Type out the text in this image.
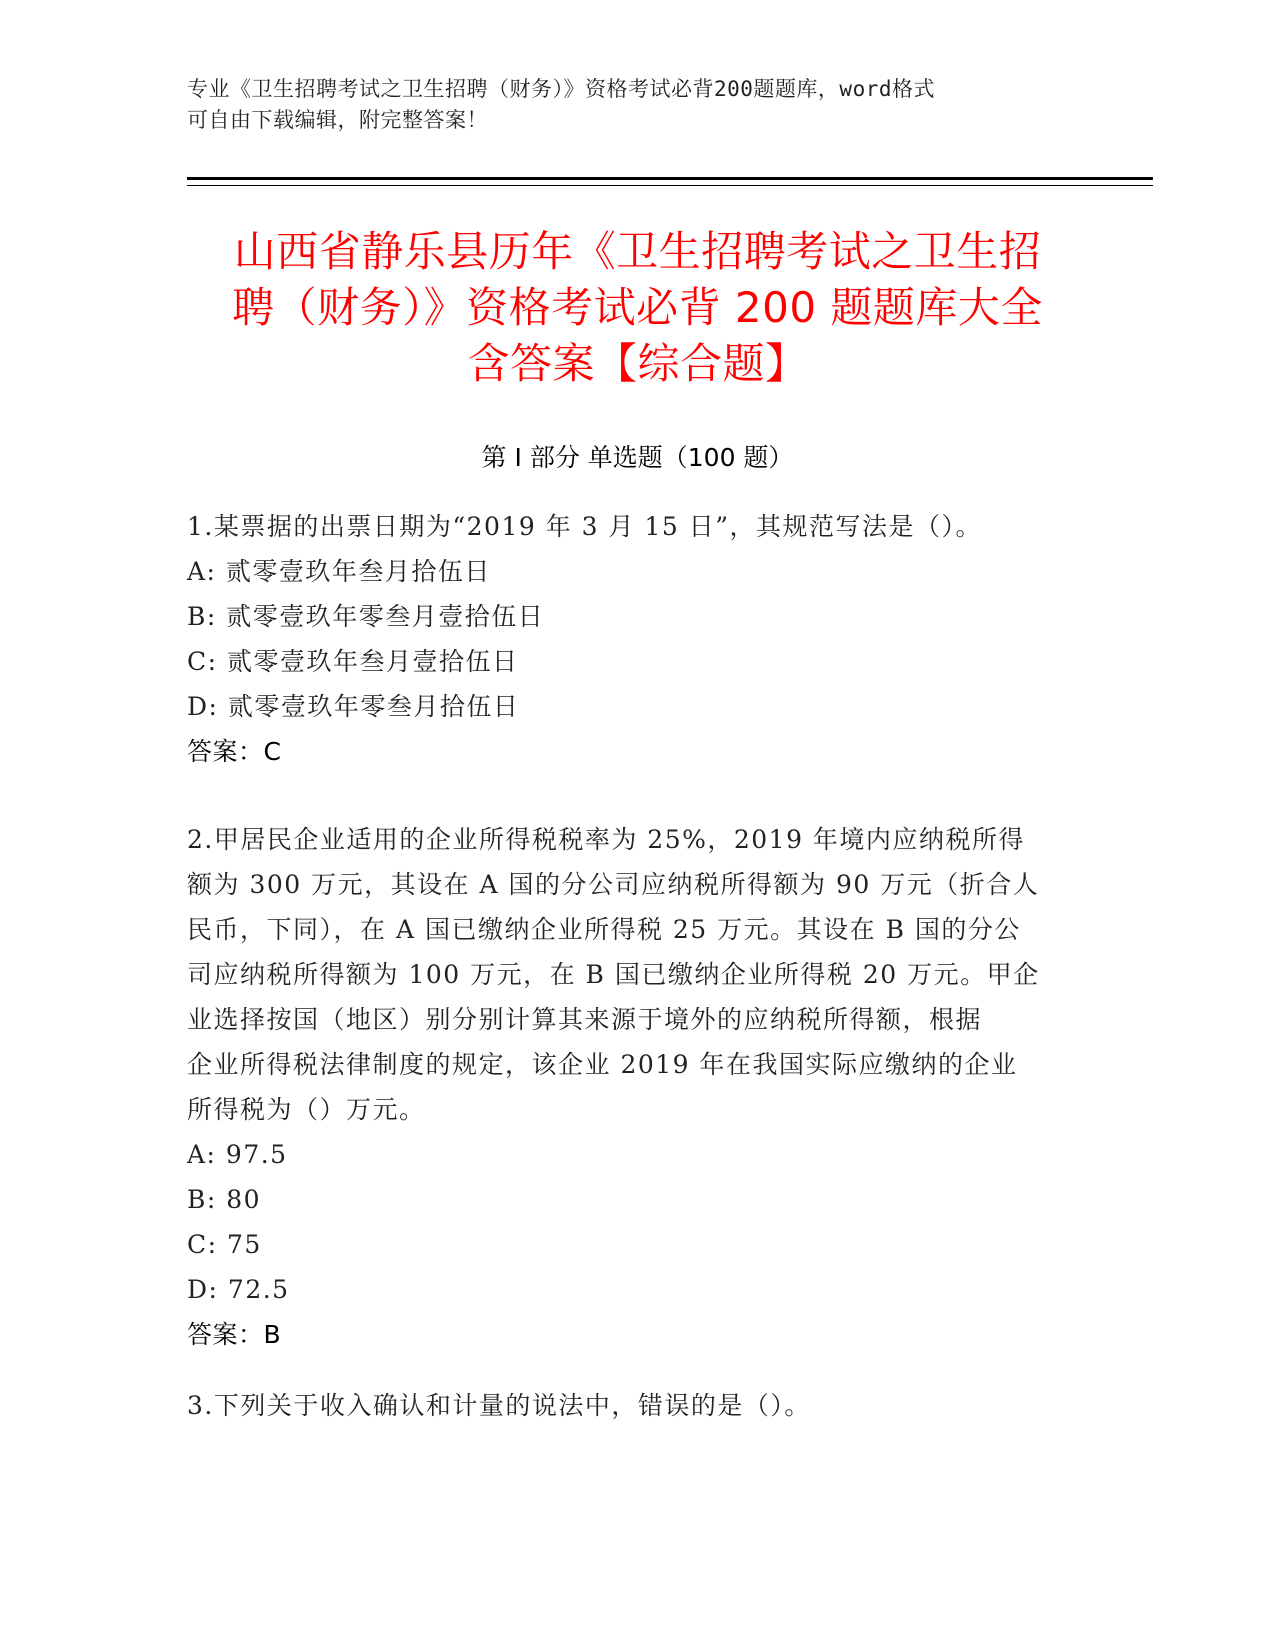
专业《卫生招聘考试之卫生招聘（财务）》资格考试必背200题题库，word格式
可自由下载编辑，附完整答案！
山西省静乐县历年《卫生招聘考试之卫生招
聘（财务）》资格考试必背 200 题题库大全
含答案【综合题】
第 I 部分 单选题（100 题）
1.某票据的出票日期为“2019 年 3 月 15 日”，其规范写法是（）。
A: 贰零壹玖年叁月拾伍日
B: 贰零壹玖年零叁月壹拾伍日
C: 贰零壹玖年叁月壹拾伍日
D: 贰零壹玖年零叁月拾伍日
答案：C
2.甲居民企业适用的企业所得税税率为 25%，2019 年境内应纳税所得
额为 300 万元，其设在 A 国的分公司应纳税所得额为 90 万元（折合人
民币，下同），在 A 国已缴纳企业所得税 25 万元。其设在 B 国的分公
司应纳税所得额为 100 万元，在 B 国已缴纳企业所得税 20 万元。甲企
业选择按国（地区）别分别计算其来源于境外的应纳税所得额，根据
企业所得税法律制度的规定，该企业 2019 年在我国实际应缴纳的企业
所得税为（）万元。
A: 97.5
B: 80
C: 75
D: 72.5
答案：B
3.下列关于收入确认和计量的说法中，错误的是（）。
